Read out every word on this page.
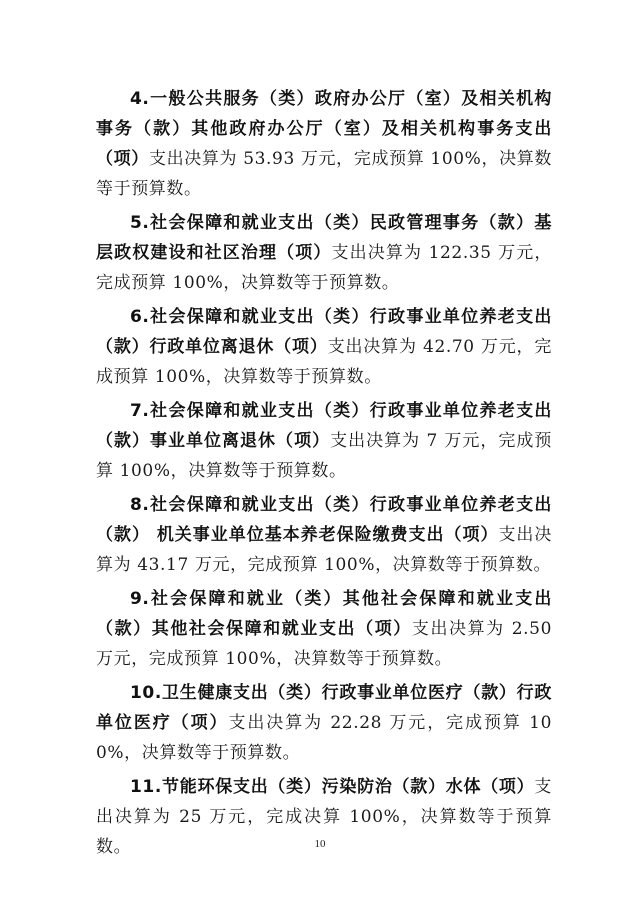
4.一般公共服务（类）政府办公厅（室）及相关机构事务（款）其他政府办公厅（室）及相关机构事务支出（项）支出决算为 53.93 万元，完成预算 100%，决算数等于预算数。

5.社会保障和就业支出（类）民政管理事务（款）基层政权建设和社区治理（项）支出决算为 122.35 万元，完成预算 100%，决算数等于预算数。

6.社会保障和就业支出（类）行政事业单位养老支出（款）行政单位离退休（项）支出决算为 42.70 万元，完成预算 100%，决算数等于预算数。

7.社会保障和就业支出（类）行政事业单位养老支出（款）事业单位离退休（项）支出决算为 7 万元，完成预算 100%，决算数等于预算数。

8.社会保障和就业支出（类）行政事业单位养老支出（款） 机关事业单位基本养老保险缴费支出（项）支出决算为 43.17 万元，完成预算 100%，决算数等于预算数。

9.社会保障和就业（类）其他社会保障和就业支出（款）其他社会保障和就业支出（项）支出决算为 2.50 万元，完成预算 100%，决算数等于预算数。

10.卫生健康支出（类）行政事业单位医疗（款）行政单位医疗（项）支出决算为 22.28 万元，完成预算 100%，决算数等于预算数。

11.节能环保支出（类）污染防治（款）水体（项）支出决算为 25 万元，完成决算 100%，决算数等于预算数。	10
